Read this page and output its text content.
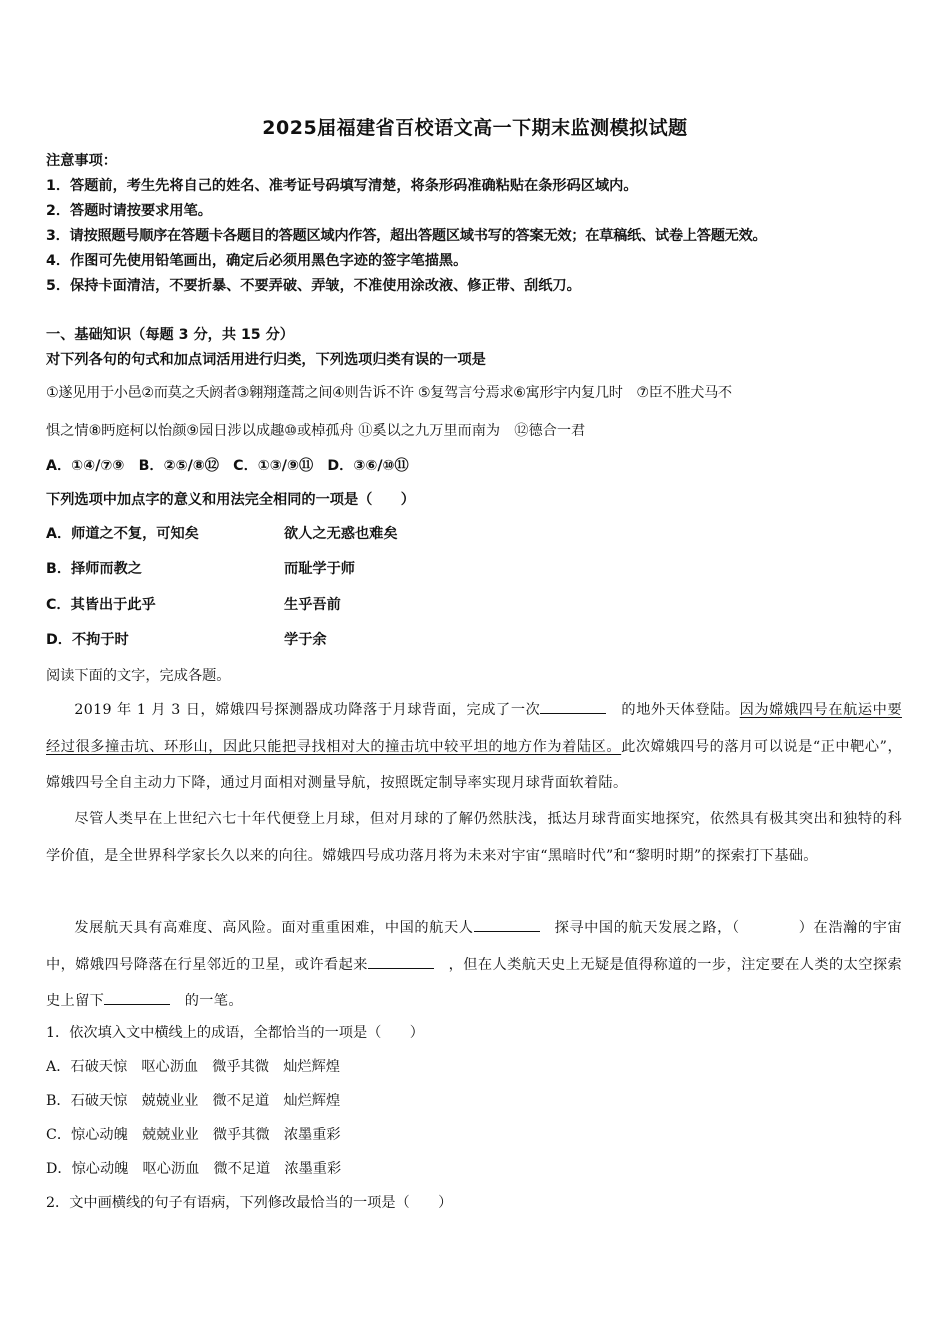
2025届福建省百校语文高一下期末监测模拟试题
注意事项：
1．答题前，考生先将自己的姓名、准考证号码填写清楚，将条形码准确粘贴在条形码区域内。
2．答题时请按要求用笔。
3．请按照题号顺序在答题卡各题目的答题区域内作答，超出答题区域书写的答案无效；在草稿纸、试卷上答题无效。
4．作图可先使用铅笔画出，确定后必须用黑色字迹的签字笔描黑。
5．保持卡面清洁，不要折暴、不要弄破、弄皱，不准使用涂改液、修正带、刮纸刀。
一、基础知识（每题 3 分，共 15 分）
对下列各句的句式和加点词活用进行归类，下列选项归类有误的一项是
①遂见用于小邑②而莫之夭阏者③翱翔蓬蒿之间④则告诉不许 ⑤复驾言兮焉求⑥寓形宇内复几时　⑦臣不胜犬马不
惧之情⑧眄庭柯以怡颜⑨园日涉以成趣⑩或棹孤舟 ⑪奚以之九万里而南为　⑫德合一君
A．①④/⑦⑨　B．②⑤/⑧⑫　C．①③/⑨⑪　D．③⑥/⑩⑪
下列选项中加点字的意义和用法完全相同的一项是（　　）
A．师道之不复，可知矣	欲人之无惑也难矣
B．择师而教之	而耻学于师
C．其皆出于此乎	生乎吾前
D．不拘于时	学于余
阅读下面的文字，完成各题。
2019 年 1 月 3 日，嫦娥四号探测器成功降落于月球背面，完成了一次　	的地外天体登陆。因为嫦娥四号在航运中要经过很多撞击坑、环形山，因此只能把寻找相对大的撞击坑中较平坦的地方作为着陆区。此次嫦娥四号的落月可以说是“正中靶心”，嫦娥四号全自主动力下降，通过月面相对测量导航，按照既定制导率实现月球背面软着陆。
尽管人类早在上世纪六七十年代便登上月球，但对月球的了解仍然肤浅，抵达月球背面实地探究，依然具有极其突出和独特的科学价值，是全世界科学家长久以来的向往。嫦娥四号成功落月将为未来对宇宙“黑暗时代”和“黎明时期”的探索打下基础。
发展航天具有高难度、高风险。面对重重困难，中国的航天人　	探寻中国的航天发展之路，（　　　　）在浩瀚的宇宙中，嫦娥四号降落在行星邻近的卫星，或许看起来　	，但在人类航天史上无疑是值得称道的一步，注定要在人类的太空探索史上留下　	的一笔。
1．依次填入文中横线上的成语，全都恰当的一项是（　　）
A．石破天惊　呕心沥血　微乎其微　灿烂辉煌
B．石破天惊　兢兢业业　微不足道　灿烂辉煌
C．惊心动魄　兢兢业业　微乎其微　浓墨重彩
D．惊心动魄　呕心沥血　微不足道　浓墨重彩
2．文中画横线的句子有语病，下列修改最恰当的一项是（　　）
